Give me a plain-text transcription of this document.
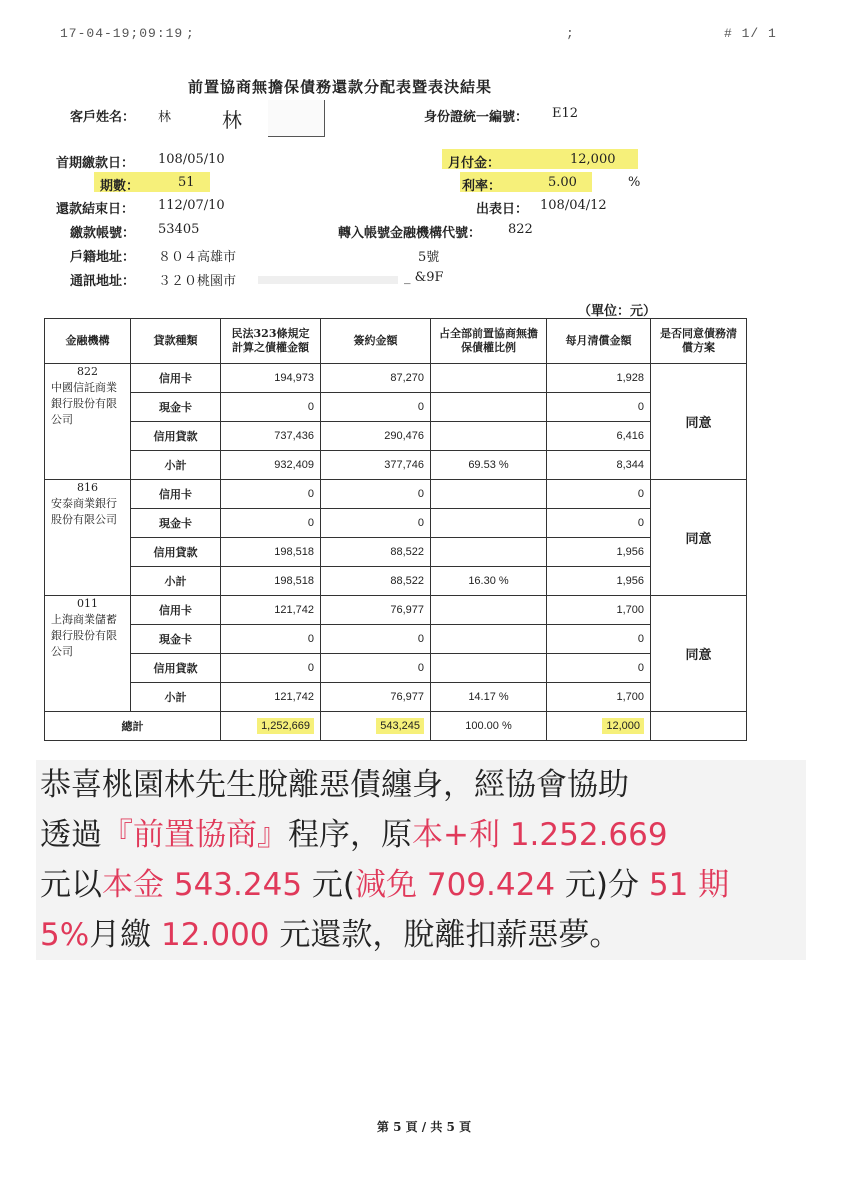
17-04-19;09:19 ;	;	# 1/ 1
前置協商無擔保債務還款分配表暨表決結果
客戶姓名： 林	林	身份證統一編號： E12
首期繳款日： 108/05/10	月付金：	12,000
期數：	51	利率：	5.00	%
還款結束日： 112/07/10	出表日： 108/04/12
繳款帳號： 53405	轉入帳號金融機構代號： 822
戶籍地址： ８０４高雄市	5號
通訊地址： ３２０桃園市	_ &9F
（單位：元）
金融機構	貸款種類	民法323條規定計算之債權金額	簽約金額	占全部前置協商無擔保債權比例	每月清償金額	是否同意債務清償方案

822
中國信託商業銀行股份有限公司	信用卡	194,973	87,270		1,928	同意
	現金卡	0	0		0	
	信用貸款	737,436	290,476		6,416	
	小計	932,409	377,746	69.53 %	8,344	

816
安泰商業銀行股份有限公司	信用卡	0	0		0	同意
	現金卡	0	0		0	
	信用貸款	198,518	88,522		1,956	
	小計	198,518	88,522	16.30 %	1,956	

011
上海商業儲蓄銀行股份有限公司	信用卡	121,742	76,977		1,700	同意
	現金卡	0	0		0	
	信用貸款	0	0		0	
	小計	121,742	76,977	14.17 %	1,700	
總計		1,252,669	543,245	100.00 %	12,000	

恭喜桃園林先生脫離惡債纏身，經協會協助

透過『前置協商』程序，原本+利 1.252.669

元以本金 543.245 元(減免 709.424 元)分 51 期

5%月繳 12.000 元還款，脫離扣薪惡夢。

第 5 頁 / 共 5 頁
